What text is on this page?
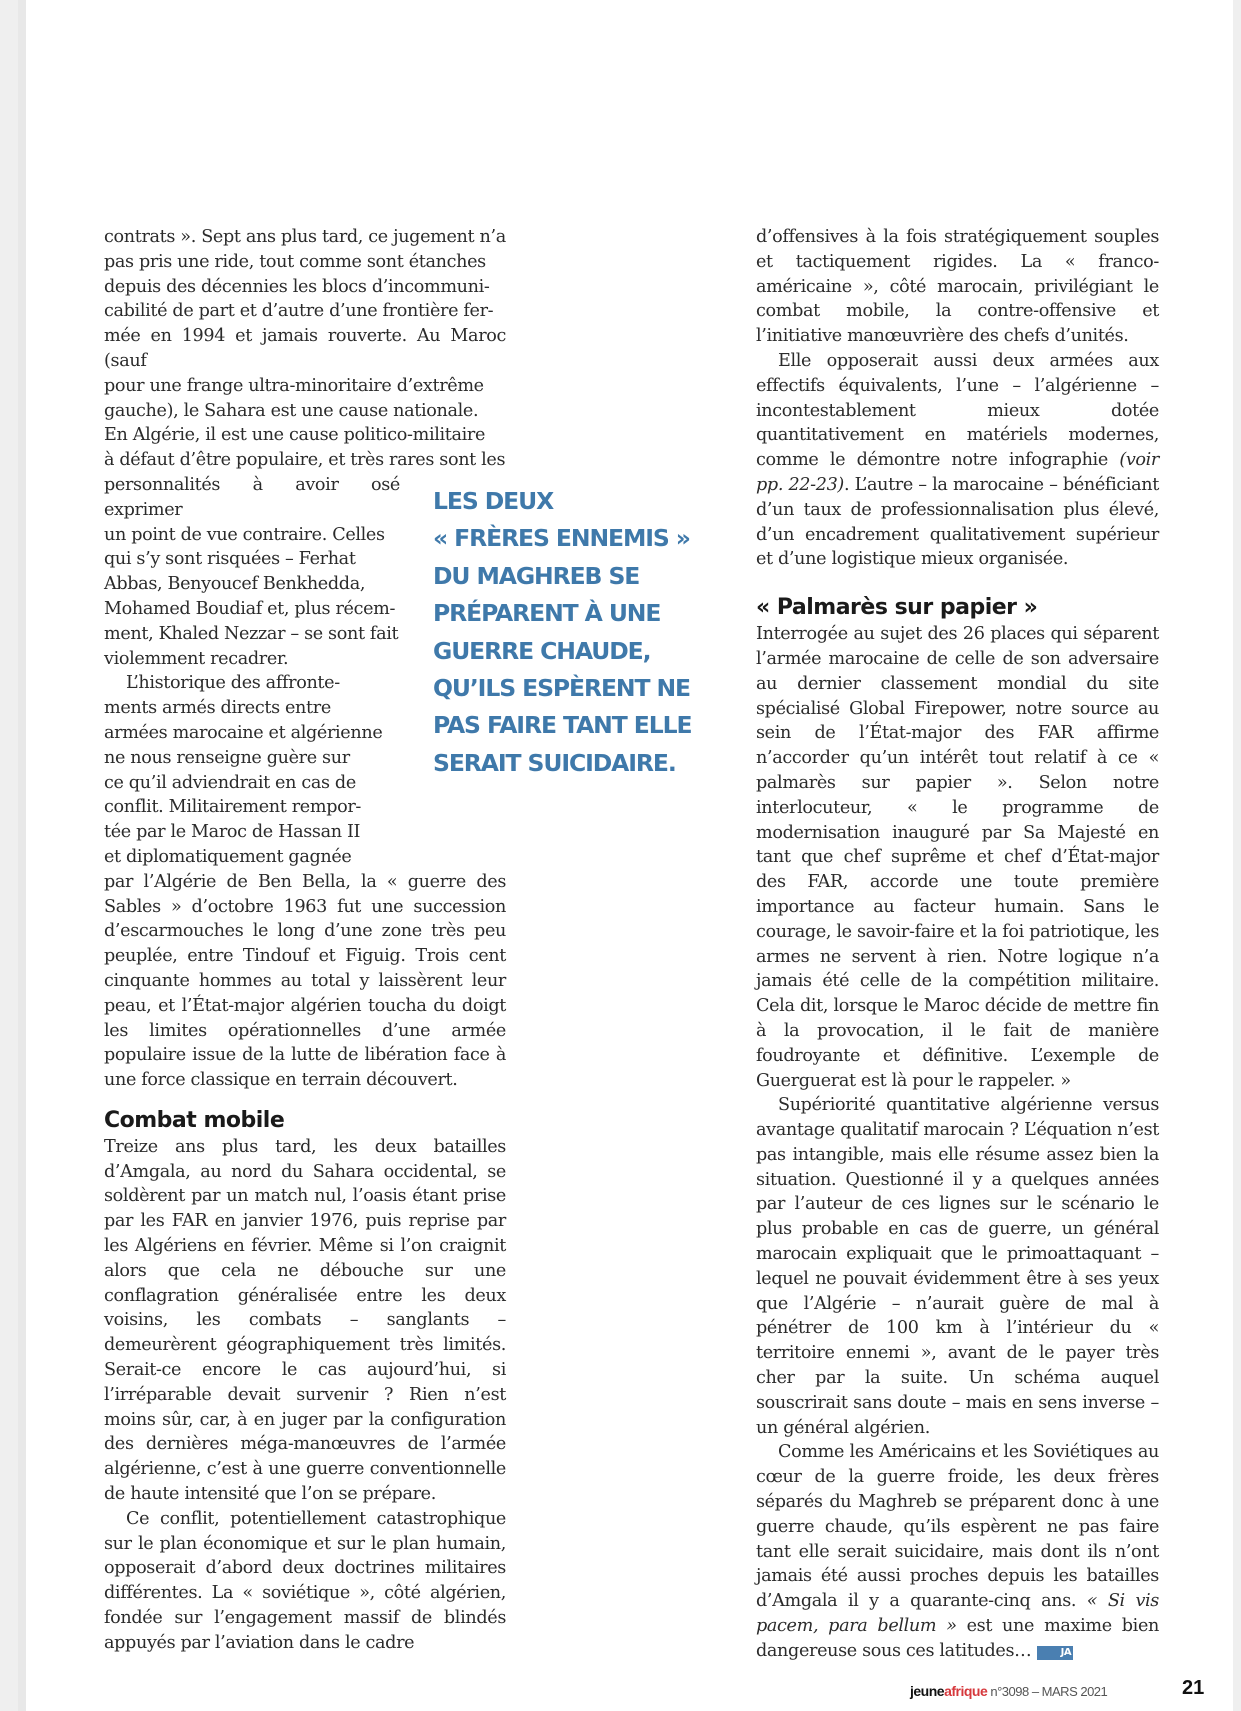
contrats ». Sept ans plus tard, ce jugement n’a
pas pris une ride, tout comme sont étanches
depuis des décennies les blocs d’incommuni-
cabilité de part et d’autre d’une frontière fer-
mée en 1994 et jamais rouverte. Au Maroc (sauf
pour une frange ultra-minoritaire d’extrême
gauche), le Sahara est une cause nationale.
En Algérie, il est une cause politico-militaire
à défaut d’être populaire, et très rares sont les

personnalités à avoir osé exprimer
un point de vue contraire. Celles
qui s’y sont risquées – Ferhat
Abbas, Benyoucef Benkhedda,
Mohamed Boudiaf et, plus récem-
ment, Khaled Nezzar – se sont fait
violemment recadrer.

L’historique des affronte-
ments armés directs entre
armées marocaine et algérienne
ne nous renseigne guère sur
ce qu’il adviendrait en cas de
conflit. Militairement rempor-
tée par le Maroc de Hassan II
et diplomatiquement gagnée

par l’Algérie de Ben Bella, la « guerre des Sables » d’octobre 1963 fut une succession d’escarmouches le long d’une zone très peu peuplée, entre Tindouf et Figuig. Trois cent cinquante hommes au total y laissèrent leur peau, et l’État-major algérien toucha du doigt les limites opérationnelles d’une armée populaire issue de la lutte de libération face à une force classique en terrain découvert.

Combat mobile

Treize ans plus tard, les deux batailles d’Amgala, au nord du Sahara occidental, se soldèrent par un match nul, l’oasis étant prise par les FAR en janvier 1976, puis reprise par les Algériens en février. Même si l’on craignit alors que cela ne débouche sur une conflagration généralisée entre les deux voisins, les combats – sanglants – demeurèrent géographiquement très limités. Serait-ce encore le cas aujourd’hui, si l’irréparable devait survenir ? Rien n’est moins sûr, car, à en juger par la configuration des dernières méga-manœuvres de l’armée algérienne, c’est à une guerre conventionnelle de haute intensité que l’on se prépare.

Ce conflit, potentiellement catastrophique sur le plan économique et sur le plan humain, opposerait d’abord deux doctrines militaires différentes. La « soviétique », côté algérien, fondée sur l’engagement massif de blindés appuyés par l’aviation dans le cadre

LES DEUX
« FRÈRES ENNEMIS »
DU MAGHREB SE
PRÉPARENT À UNE
GUERRE CHAUDE,
QU’ILS ESPÈRENT NE
PAS FAIRE TANT ELLE
SERAIT SUICIDAIRE.

d’offensives à la fois stratégiquement souples et tactiquement rigides. La « franco-américaine », côté marocain, privilégiant le combat mobile, la contre-offensive et l’initiative manœuvrière des chefs d’unités.

Elle opposerait aussi deux armées aux effectifs équivalents, l’une – l’algérienne – incontestablement mieux dotée quantitativement en matériels modernes, comme le démontre notre infographie (voir pp. 22-23). L’autre – la marocaine – bénéficiant d’un taux de professionnalisation plus élevé, d’un encadrement qualitativement supérieur et d’une logistique mieux organisée.

« Palmarès sur papier »

Interrogée au sujet des 26 places qui séparent l’armée marocaine de celle de son adversaire au dernier classement mondial du site spécialisé Global Firepower, notre source au sein de l’État-major des FAR affirme n’accorder qu’un intérêt tout relatif à ce « palmarès sur papier ». Selon notre interlocuteur, « le programme de modernisation inauguré par Sa Majesté en tant que chef suprême et chef d’État-major des FAR, accorde une toute première importance au facteur humain. Sans le courage, le savoir-faire et la foi patriotique, les armes ne servent à rien. Notre logique n’a jamais été celle de la compétition militaire. Cela dit, lorsque le Maroc décide de mettre fin à la provocation, il le fait de manière foudroyante et définitive. L’exemple de Guerguerat est là pour le rappeler. »

Supériorité quantitative algérienne versus avantage qualitatif marocain ? L’équation n’est pas intangible, mais elle résume assez bien la situation. Questionné il y a quelques années par l’auteur de ces lignes sur le scénario le plus probable en cas de guerre, un général marocain expliquait que le primoattaquant – lequel ne pouvait évidemment être à ses yeux que l’Algérie – n’aurait guère de mal à pénétrer de 100 km à l’intérieur du « territoire ennemi », avant de le payer très cher par la suite. Un schéma auquel souscrirait sans doute – mais en sens inverse – un général algérien.

Comme les Américains et les Soviétiques au cœur de la guerre froide, les deux frères séparés du Maghreb se préparent donc à une guerre chaude, qu’ils espèrent ne pas faire tant elle serait suicidaire, mais dont ils n’ont jamais été aussi proches depuis les batailles d’Amgala il y a quarante-cinq ans. « Si vis pacem, para bellum » est une maxime bien dangereuse sous ces latitudes…	JA

jeuneafrique n°3098 – MARS 2021	21
